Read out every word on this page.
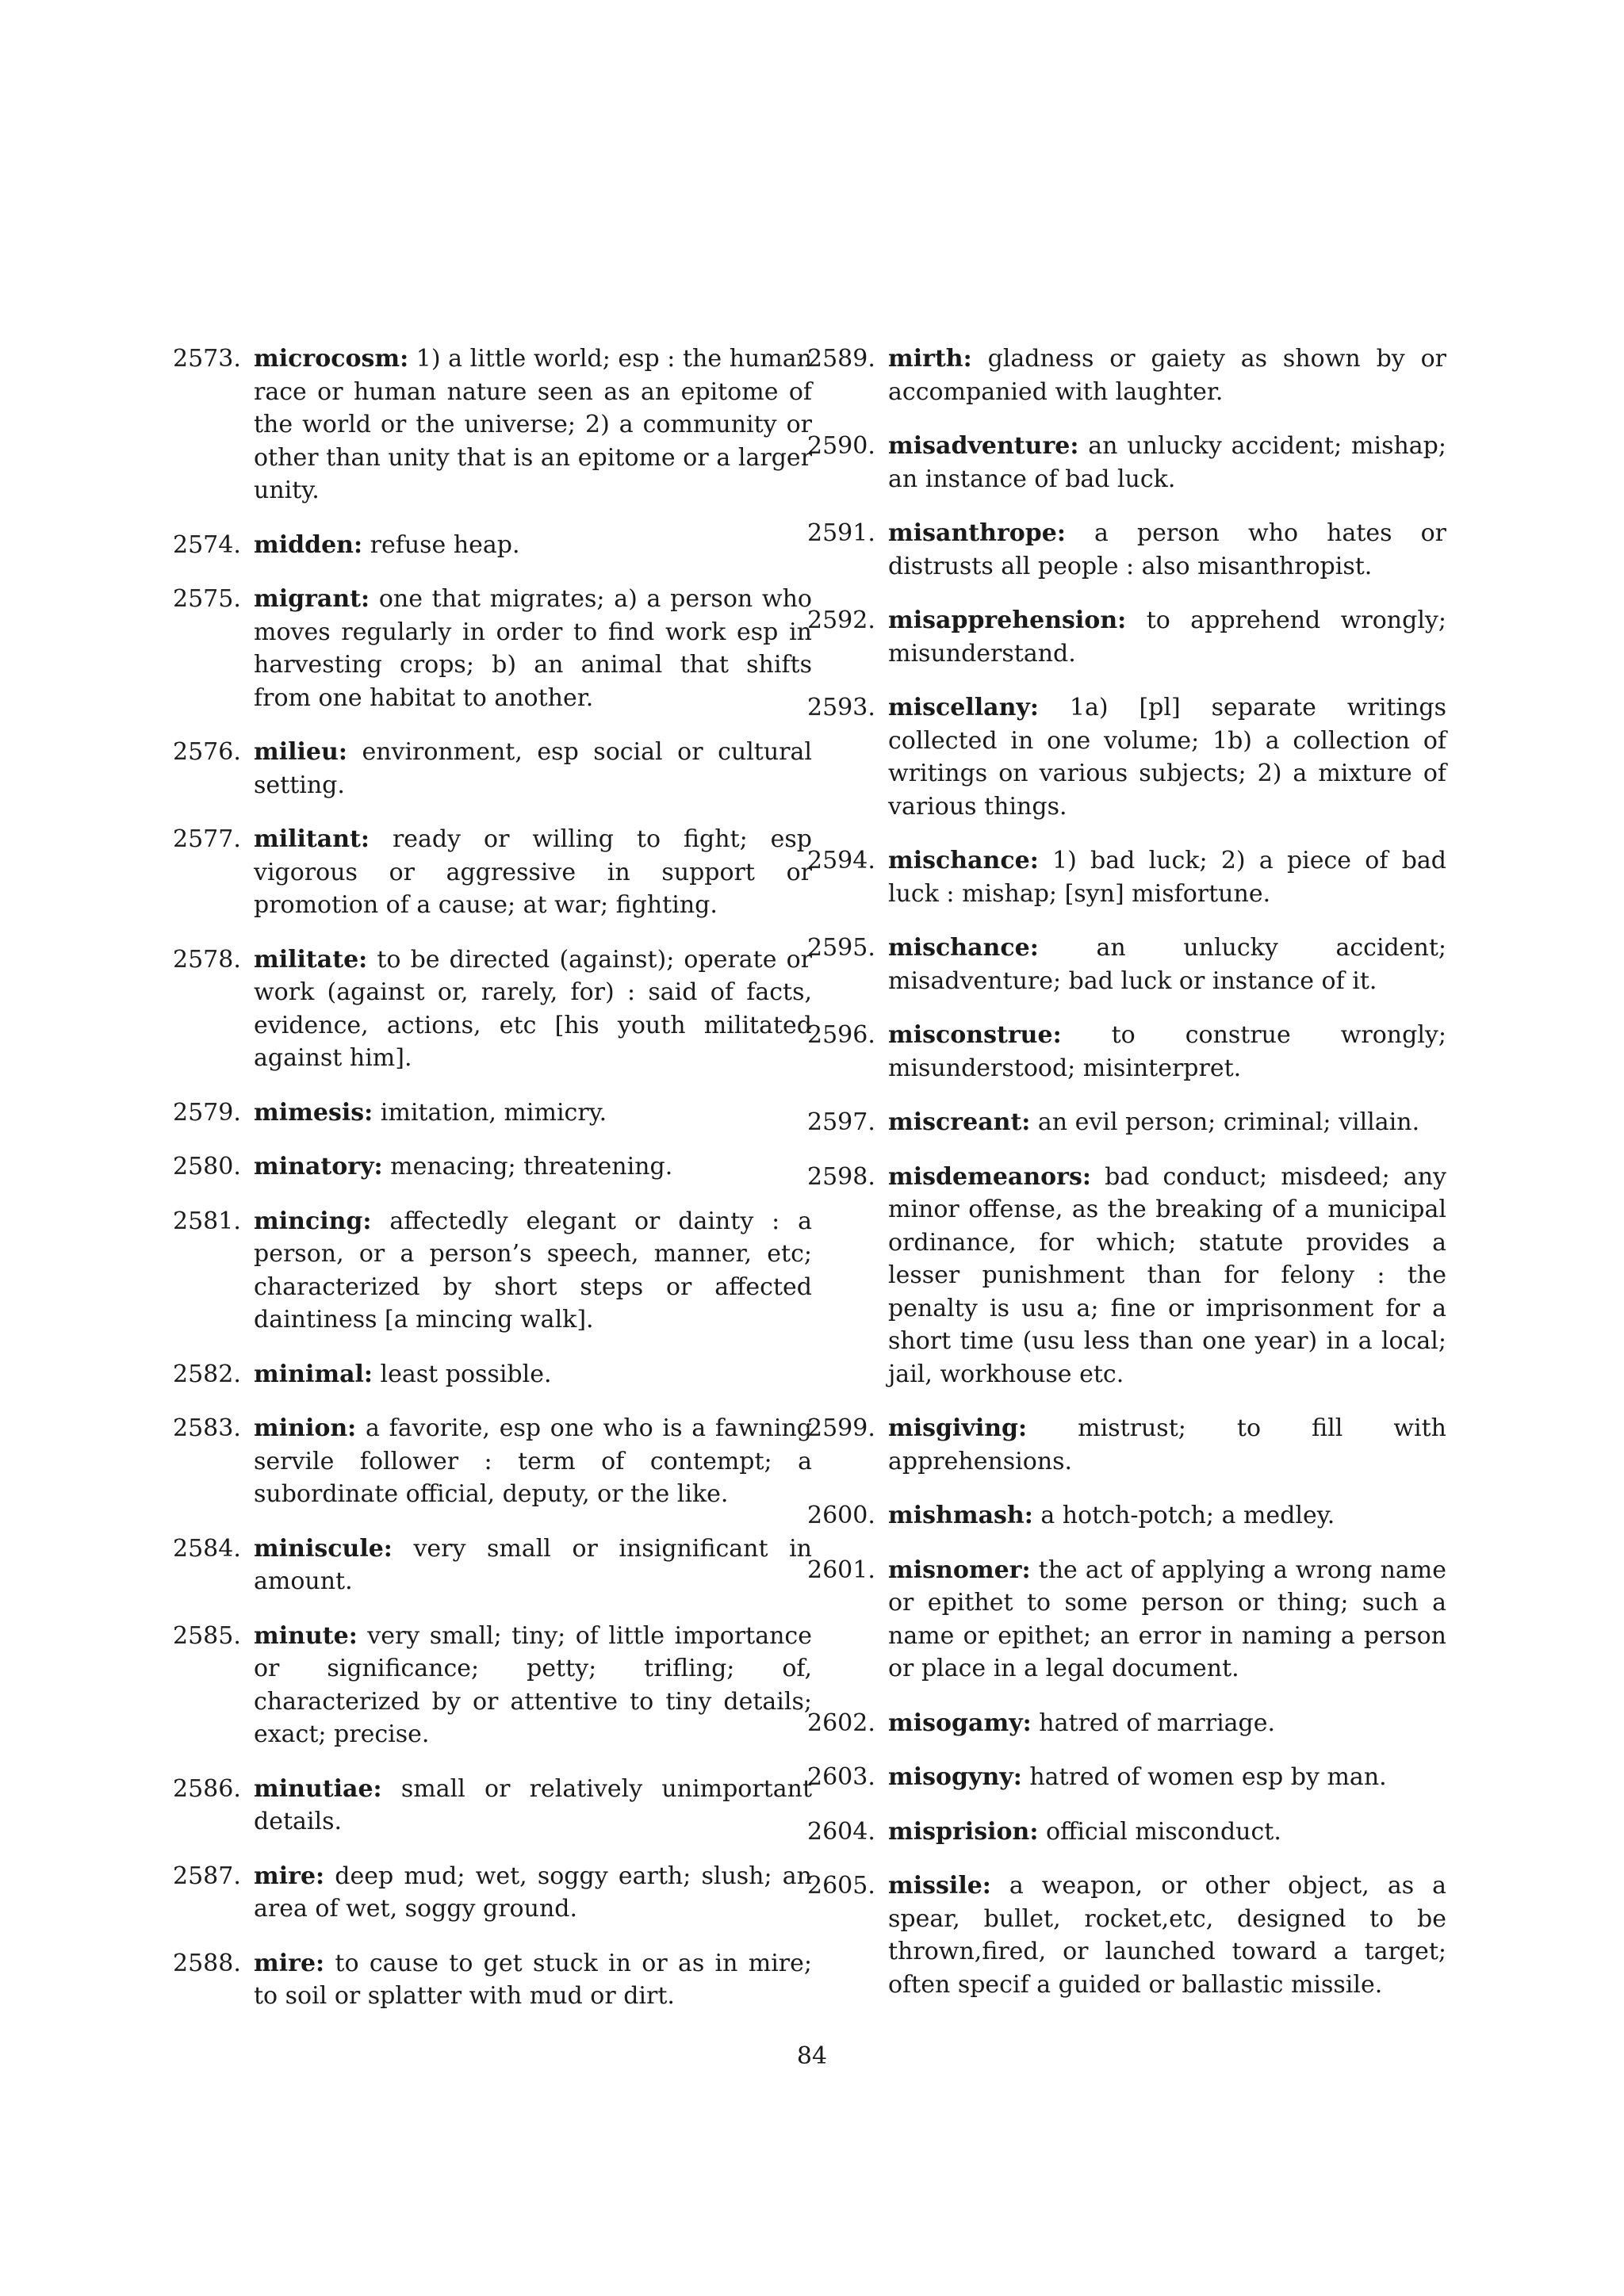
2573. microcosm: 1) a little world; esp : the human race or human nature seen as an epitome of the world or the universe; 2) a community or other than unity that is an epitome or a larger unity.
2574. midden: refuse heap.
2575. migrant: one that migrates; a) a person who moves regularly in order to find work esp in harvesting crops; b) an animal that shifts from one habitat to another.
2576. milieu: environment, esp social or cultural setting.
2577. militant: ready or willing to fight; esp vigorous or aggressive in support or promotion of a cause; at war; fighting.
2578. militate: to be directed (against); operate or work (against or, rarely, for) : said of facts, evidence, actions, etc [his youth militated against him].
2579. mimesis: imitation, mimicry.
2580. minatory: menacing; threatening.
2581. mincing: affectedly elegant or dainty : a person, or a person’s speech, manner, etc; characterized by short steps or affected daintiness [a mincing walk].
2582. minimal: least possible.
2583. minion: a favorite, esp one who is a fawning servile follower : term of contempt; a subordinate official, deputy, or the like.
2584. miniscule: very small or insignificant in amount.
2585. minute: very small; tiny; of little importance or significance; petty; trifling; of, characterized by or attentive to tiny details; exact; precise.
2586. minutiae: small or relatively unimportant details.
2587. mire: deep mud; wet, soggy earth; slush; an area of wet, soggy ground.
2588. mire: to cause to get stuck in or as in mire; to soil or splatter with mud or dirt.
2589. mirth: gladness or gaiety as shown by or accompanied with laughter.
2590. misadventure: an unlucky accident; mishap; an instance of bad luck.
2591. misanthrope: a person who hates or distrusts all people : also misanthropist.
2592. misapprehension: to apprehend wrongly; misunderstand.
2593. miscellany: 1a) [pl] separate writings collected in one volume; 1b) a collection of writings on various subjects; 2) a mixture of various things.
2594. mischance: 1) bad luck; 2) a piece of bad luck : mishap; [syn] misfortune.
2595. mischance: an unlucky accident; misadventure; bad luck or instance of it.
2596. misconstrue: to construe wrongly; misunderstood; misinterpret.
2597. miscreant: an evil person; criminal; villain.
2598. misdemeanors: bad conduct; misdeed; any minor offense, as the breaking of a municipal ordinance, for which; statute provides a lesser punishment than for felony : the penalty is usu a; fine or imprisonment for a short time (usu less than one year) in a local; jail, workhouse etc.
2599. misgiving: mistrust; to fill with apprehensions.
2600. mishmash: a hotch-potch; a medley.
2601. misnomer: the act of applying a wrong name or epithet to some person or thing; such a name or epithet; an error in naming a person or place in a legal document.
2602. misogamy: hatred of marriage.
2603. misogyny: hatred of women esp by man.
2604. misprision: official misconduct.
2605. missile: a weapon, or other object, as a spear, bullet, rocket,etc, designed to be thrown,fired, or launched toward a target; often specif a guided or ballastic missile.
84
